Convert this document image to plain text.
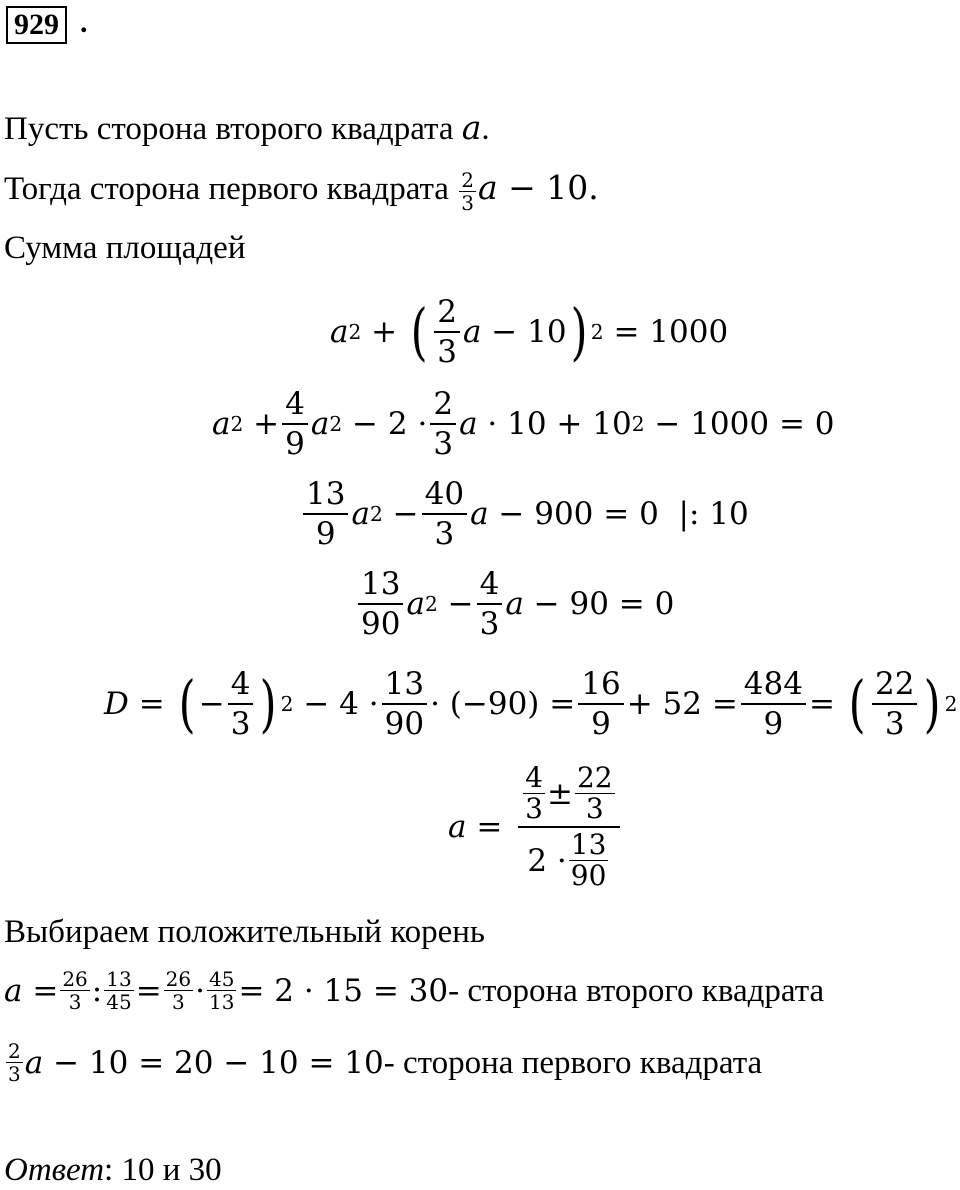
929 .
Пусть сторона второго квадрата a.
Тогда сторона первого квадрата $\frac{2}{3}$ a − 10.
Сумма площадей
a 2 + ( $\frac{2}{3}$ a − 10 ) 2 = 1000
a $2 + \frac{4}{9}$ a $2 - 2 \cdot \frac{2}{3}$ a · 10 + 10 2 − 1000 = 0
$\frac{13}{9}$ a $2 - \frac{40}{3}$ a − 900 = 0  |: 10
$\frac{13}{90}$ a $2 - \frac{4}{3}$ a − 90 = 0
D = ( − $\frac{4}{3}$ ) $2 - 4 \cdot \frac{13}{90} \cdot (-90) = \frac{16}{9} + 52 = \frac{484}{9}$ = ( $\frac{22}{3}$ ) 2
a = 4
3 ± 22
3
2 · 13
90
Выбираем положительный корень
$a = \frac{26}{3}$ : $\frac{13}{45} = \frac{26}{3} \cdot \frac{45}{13} = 2 \cdot 15 = 30$ - сторона второго квадрата
2
3 a − 10 = 20 − 10 = 10 - сторона первого квадрата
Ответ: 10 и 30
